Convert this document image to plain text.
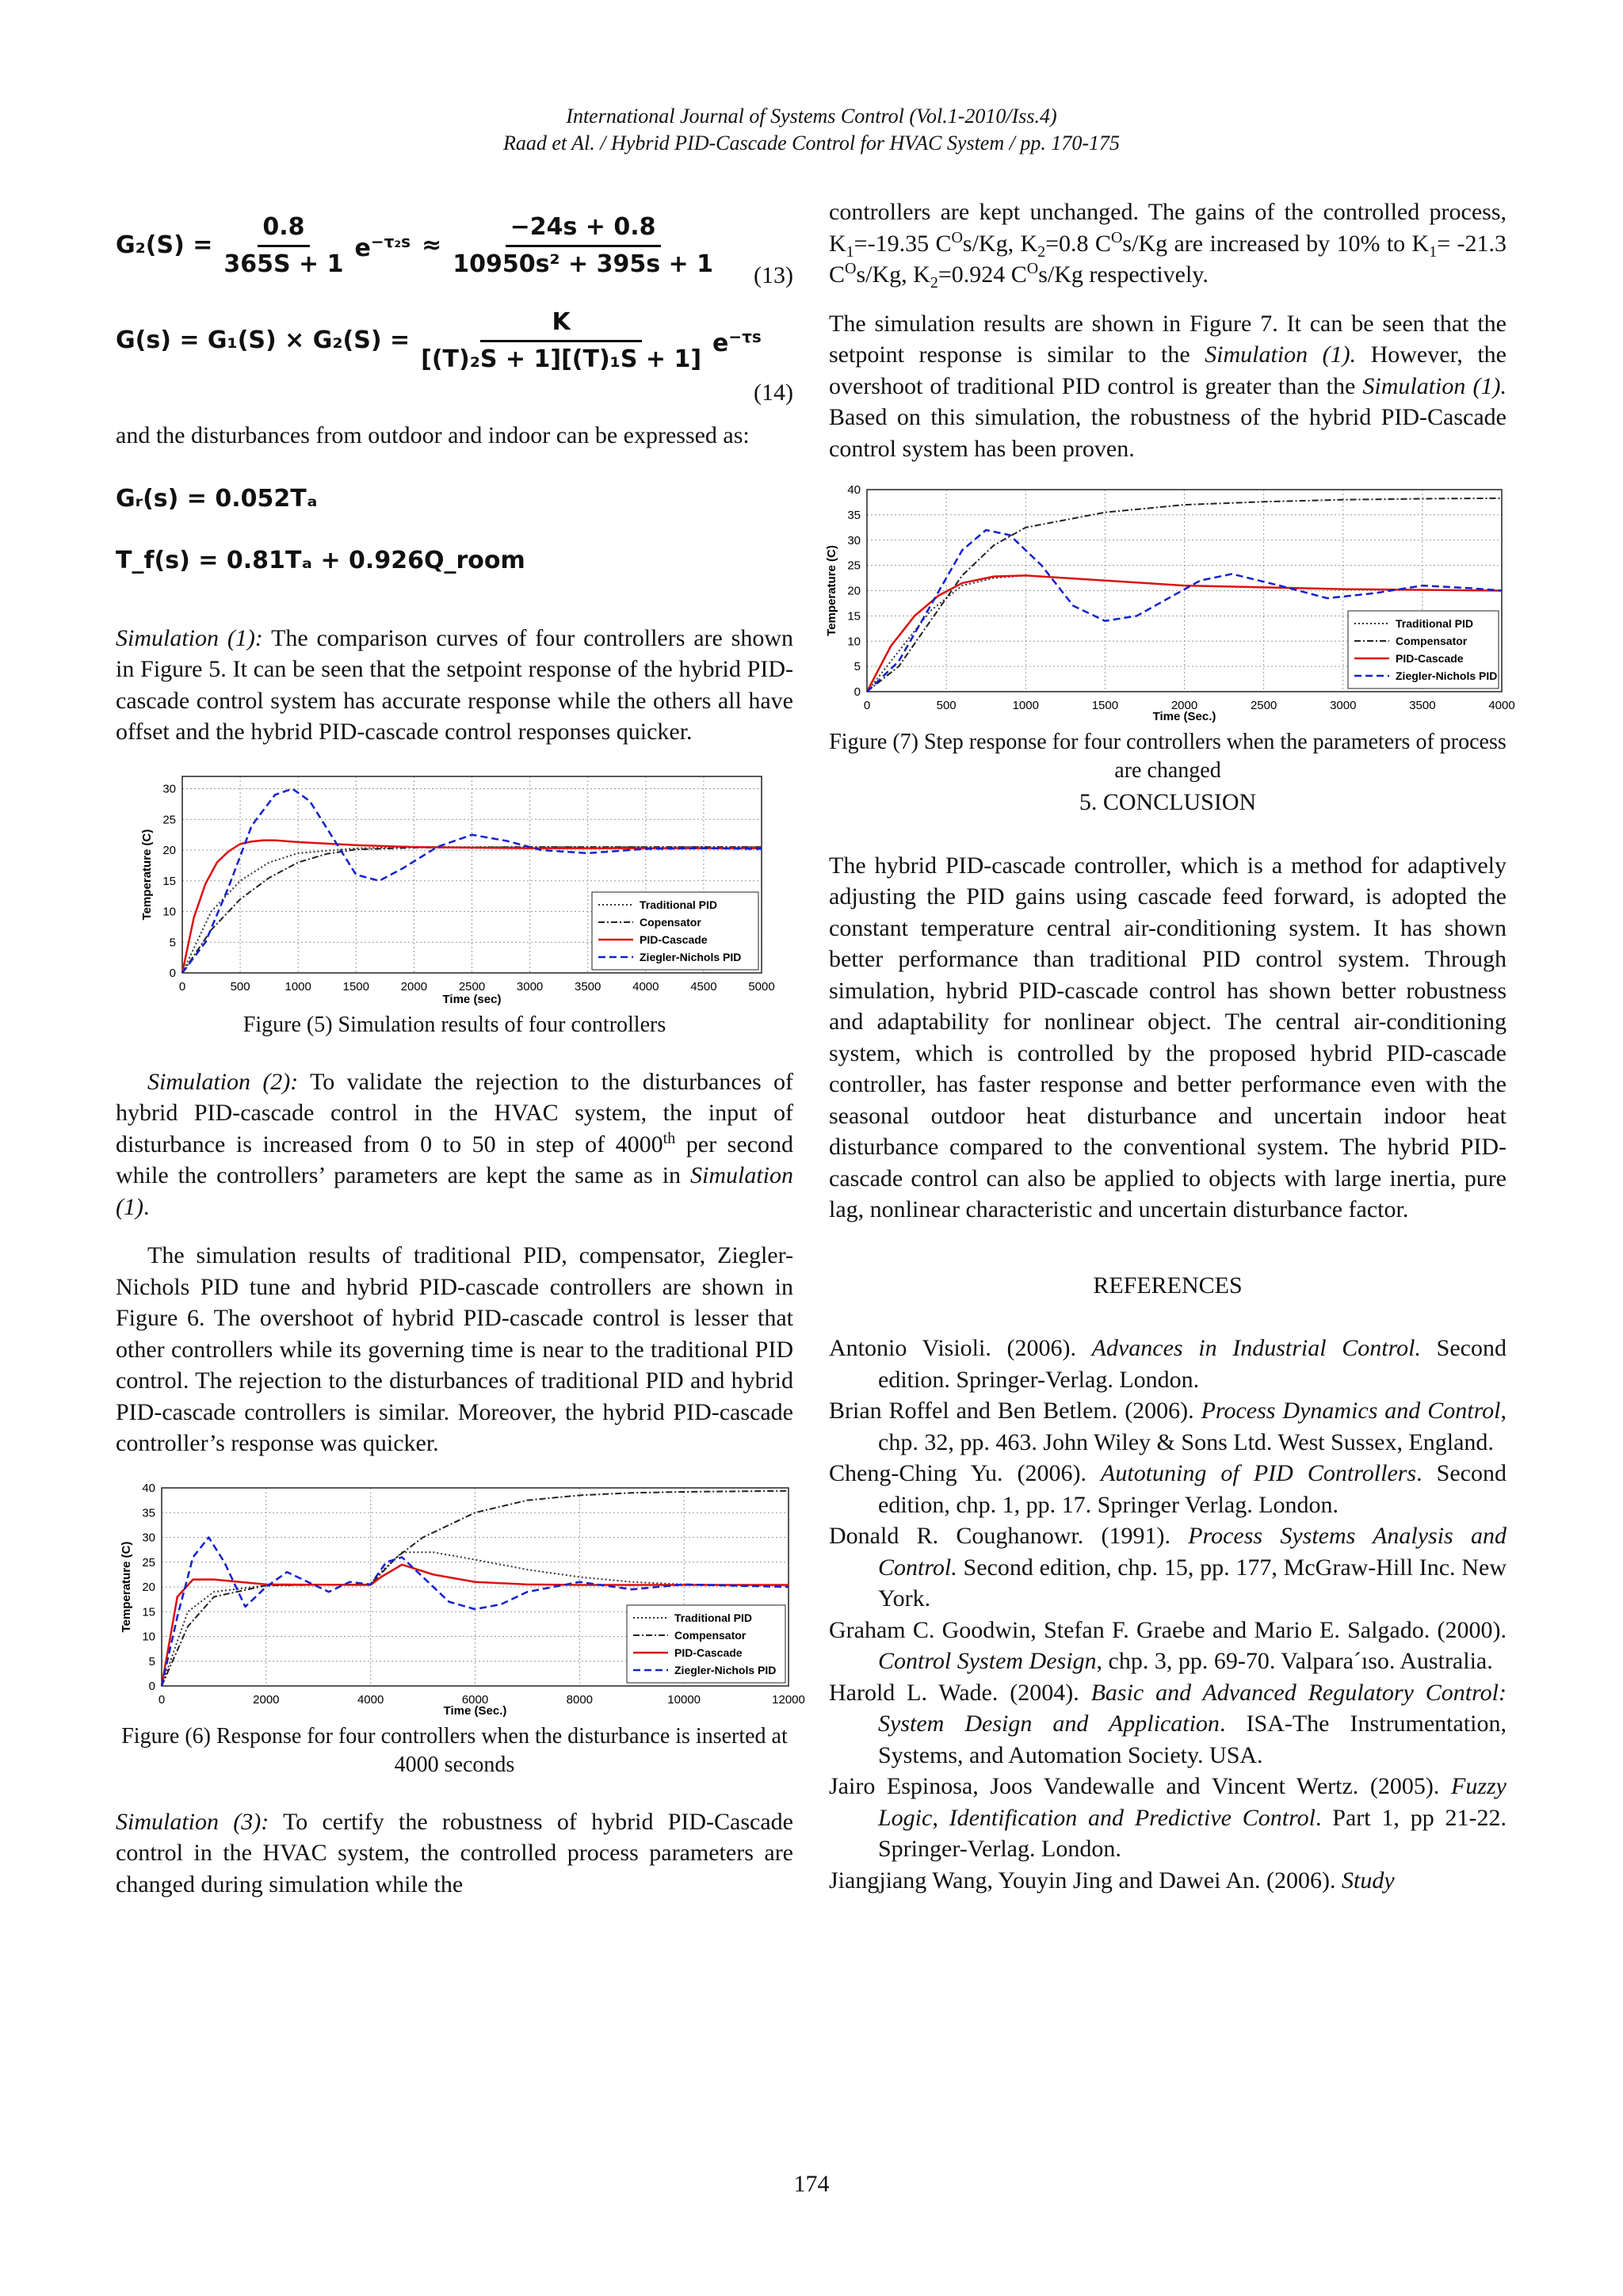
International Journal of Systems Control (Vol.1-2010/Iss.4)
Raad et Al. / Hybrid PID-Cascade Control for HVAC System / pp. 170-175
$G_2(S) = \frac{0.8}{365S + 1} e^{-\tau_2s} \approx \frac{-24s + 0.8}{\text{10950s² + 395s + 1}} (13)$
$G(s) = G_1(S) \times G_2(S) = \frac{K}{\text{[(T)₂S + 1][(T)₁S + 1]}} e^{-\tau s}$
(14)

and the disturbances from outdoor and indoor can be expressed as:

Gᵣ(s) = 0.052Tₐ
T_f(s) = 0.81Tₐ + 0.926Q_room

Simulation (1): The comparison curves of four controllers are shown in Figure 5. It can be seen that the setpoint response of the hybrid PID-cascade control system has accurate response while the others all have offset and the hybrid PID-cascade control responses quicker.

0	500	1000	1500	2000	2500	3000	3500	4000	4500	5000
0
5
10
15
20
25
30
Time (sec)
Temperature (C)	Traditional PID
Copensator
PID-Cascade
Ziegler-Nichols PID
Figure (5) Simulation results of four controllers

Simulation (2): To validate the rejection to the disturbances of hybrid PID-cascade control in the HVAC system, the input of disturbance is increased from 0 to 50 in step of 4000th per second while the controllers’ parameters are kept the same as in Simulation (1).

The simulation results of traditional PID, compensator, Ziegler-Nichols PID tune and hybrid PID-cascade controllers are shown in Figure 6. The overshoot of hybrid PID-cascade control is lesser that other controllers while its governing time is near to the traditional PID control. The rejection to the disturbances of traditional PID and hybrid PID-cascade controllers is similar. Moreover, the hybrid PID-cascade controller’s response was quicker.

0	2000	4000	6000	8000	10000	12000
0
5
10
15
20
25
30
35
40
Time (Sec.)
Temperature (C)	Traditional PID
Compensator
PID-Cascade
Ziegler-Nichols PID
Figure (6) Response for four controllers when the disturbance is inserted at 4000 seconds

Simulation (3): To certify the robustness of hybrid PID-Cascade control in the HVAC system, the controlled process parameters are changed during simulation while the

controllers are kept unchanged. The gains of the controlled process, $K_1=-19.35$ $C^Os/Kg$, $K_2=0.8$ $C^Os/Kg$ are increased by 10% to $K_1= -21.3$ $C^Os/Kg$, $K_2=0.924$ $C^Os/Kg$ respectively.

The simulation results are shown in Figure 7. It can be seen that the setpoint response is similar to the Simulation (1). However, the overshoot of traditional PID control is greater than the Simulation (1). Based on this simulation, the robustness of the hybrid PID-Cascade control system has been proven.

0	500	1000	1500	2000	2500	3000	3500	4000
0
5
10
15
20
25
30
35
40
Time (Sec.)
Temperature (C)	Traditional PID
Compensator
PID-Cascade
Ziegler-Nichols PID
Figure (7) Step response for four controllers when the parameters of process are changed
5. CONCLUSION

The hybrid PID-cascade controller, which is a method for adaptively adjusting the PID gains using cascade feed forward, is adopted the constant temperature central air-conditioning system. It has shown better performance than traditional PID control system. Through simulation, hybrid PID-cascade control has shown better robustness and adaptability for nonlinear object. The central air-conditioning system, which is controlled by the proposed hybrid PID-cascade controller, has faster response and better performance even with the seasonal outdoor heat disturbance and uncertain indoor heat disturbance compared to the conventional system. The hybrid PID-cascade control can also be applied to objects with large inertia, pure lag, nonlinear characteristic and uncertain disturbance factor.

REFERENCES

Antonio Visioli. (2006). Advances in Industrial Control. Second edition. Springer-Verlag. London.

Brian Roffel and Ben Betlem. (2006). Process Dynamics and Control, chp. 32, pp. 463. John Wiley & Sons Ltd. West Sussex, England.

Cheng-Ching Yu. (2006). Autotuning of PID Controllers. Second edition, chp. 1, pp. 17. Springer Verlag. London.

Donald R. Coughanowr. (1991). Process Systems Analysis and Control. Second edition, chp. 15, pp. 177, McGraw-Hill Inc. New York.

Graham C. Goodwin, Stefan F. Graebe and Mario E. Salgado. (2000). Control System Design, chp. 3, pp. 69-70. Valpara´ıso. Australia.

Harold L. Wade. (2004). Basic and Advanced Regulatory Control: System Design and Application. ISA-The Instrumentation, Systems, and Automation Society. USA.

Jairo Espinosa, Joos Vandewalle and Vincent Wertz. (2005). Fuzzy Logic, Identification and Predictive Control. Part 1, pp 21-22. Springer-Verlag. London.

Jiangjiang Wang, Youyin Jing and Dawei An. (2006). Study

174
